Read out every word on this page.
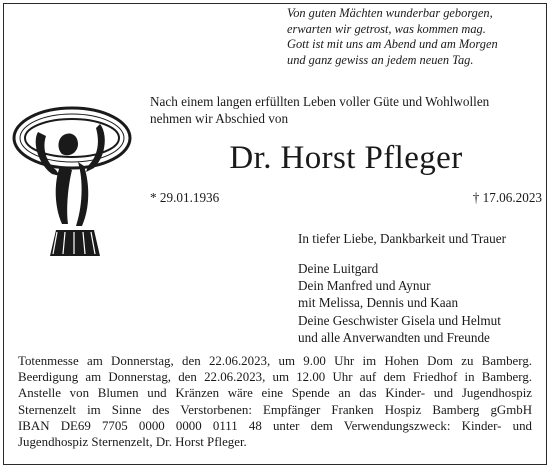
Von guten Mächten wunderbar geborgen,
erwarten wir getrost, was kommen mag.
Gott ist mit uns am Abend und am Morgen
und ganz gewiss an jedem neuen Tag.
Nach einem langen erfüllten Leben voller Güte und Wohlwollen
nehmen wir Abschied von
Dr. Horst Pfleger
* 29.01.1936	† 17.06.2023
In tiefer Liebe, Dankbarkeit und Trauer
Deine Luitgard
Dein Manfred und Aynur
mit Melissa, Dennis und Kaan
Deine Geschwister Gisela und Helmut
und alle Anverwandten und Freunde
Totenmesse am Donnerstag, den 22.06.2023, um 9.00 Uhr im Hohen Dom zu Bamberg.
Beerdigung am Donnerstag, den 22.06.2023, um 12.00 Uhr auf dem Friedhof in Bamberg.
Anstelle von Blumen und Kränzen wäre eine Spende an das Kinder- und Jugendhospiz
Sternenzelt im Sinne des Verstorbenen: Empfänger Franken Hospiz Bamberg gGmbH
IBAN DE69 7705 0000 0000 0111 48 unter dem Verwendungszweck: Kinder- und
Jugendhospiz Sternenzelt, Dr. Horst Pfleger.
